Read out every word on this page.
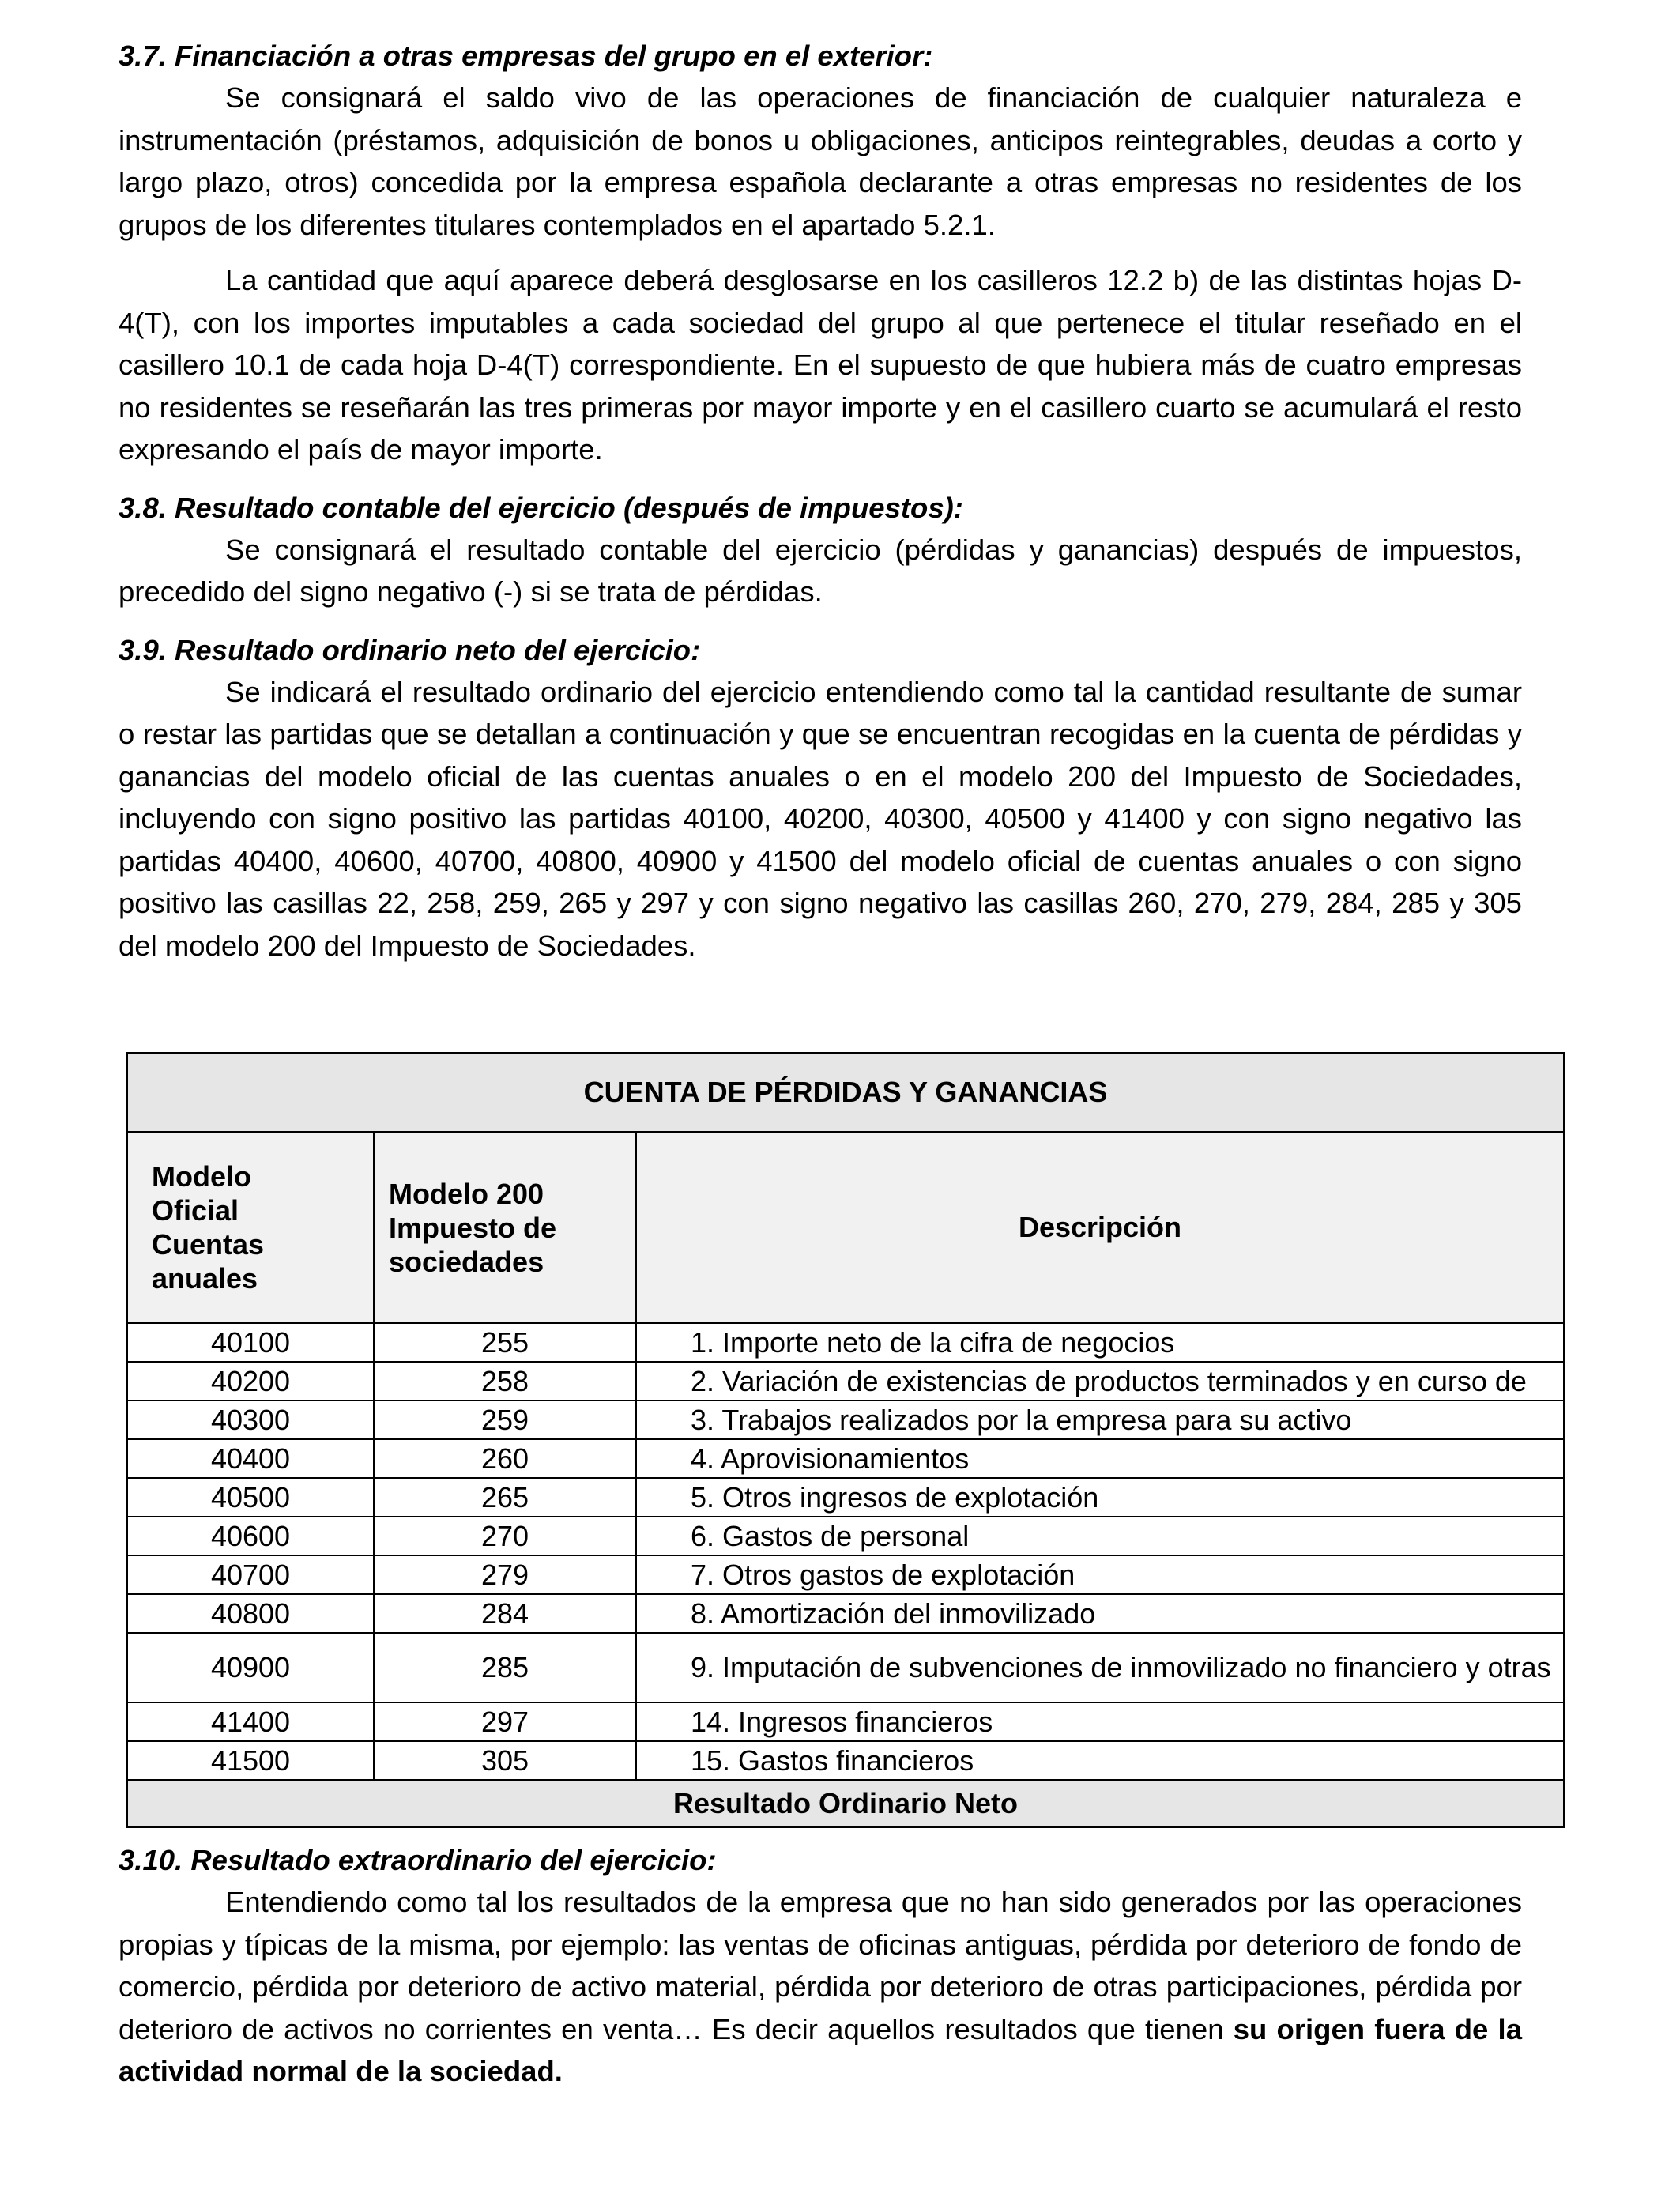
3.7. Financiación a otras empresas del grupo en el exterior:

Se consignará el saldo vivo de las operaciones de financiación de cualquier naturaleza e instrumentación (préstamos, adquisición de bonos u obligaciones, anticipos reintegrables, deudas a corto y largo plazo, otros) concedida por la empresa española declarante a otras empresas no residentes de los grupos de los diferentes titulares contemplados en el apartado 5.2.1.

La cantidad que aquí aparece deberá desglosarse en los casilleros 12.2 b) de las distintas hojas D-4(T), con los importes imputables a cada sociedad del grupo al que pertenece el titular reseñado en el casillero 10.1 de cada hoja D-4(T) correspondiente. En el supuesto de que hubiera más de cuatro empresas no residentes se reseñarán las tres primeras por mayor importe y en el casillero cuarto se acumulará el resto expresando el país de mayor importe.

3.8. Resultado contable del ejercicio (después de impuestos):

Se consignará el resultado contable del ejercicio (pérdidas y ganancias) después de impuestos, precedido del signo negativo (-) si se trata de pérdidas.

3.9. Resultado ordinario neto del ejercicio:

Se indicará el resultado ordinario del ejercicio entendiendo como tal la cantidad resultante de sumar o restar las partidas que se detallan a continuación y que se encuentran recogidas en la cuenta de pérdidas y ganancias del modelo oficial de las cuentas anuales o en el modelo 200 del Impuesto de Sociedades, incluyendo con signo positivo las partidas 40100, 40200, 40300, 40500 y 41400 y con signo negativo las partidas 40400, 40600, 40700, 40800, 40900 y 41500 del modelo oficial de cuentas anuales o con signo positivo las casillas 22, 258, 259, 265 y 297 y con signo negativo las casillas 260, 270, 279, 284, 285 y 305 del modelo 200 del Impuesto de Sociedades.

CUENTA DE PÉRDIDAS Y GANANCIAS		
Modelo
Oficial
Cuentas
anuales	Modelo 200
Impuesto de
sociedades	Descripción
40100	255	1. Importe neto de la cifra de negocios
40200	258	2. Variación de existencias de productos terminados y en curso de
40300	259	3. Trabajos realizados por la empresa para su activo
40400	260	4. Aprovisionamientos
40500	265	5. Otros ingresos de explotación
40600	270	6. Gastos de personal
40700	279	7. Otros gastos de explotación
40800	284	8. Amortización del inmovilizado
40900	285	9. Imputación de subvenciones de inmovilizado no financiero y otras
41400	297	14. Ingresos financieros
41500	305	15. Gastos financieros
Resultado Ordinario Neto		

3.10. Resultado extraordinario del ejercicio:

Entendiendo como tal los resultados de la empresa que no han sido generados por las operaciones propias y típicas de la misma, por ejemplo: las ventas de oficinas antiguas, pérdida por deterioro de fondo de comercio, pérdida por deterioro de activo material, pérdida por deterioro de otras participaciones, pérdida por deterioro de activos no corrientes en venta… Es decir aquellos resultados que tienen su origen fuera de la actividad normal de la sociedad.
